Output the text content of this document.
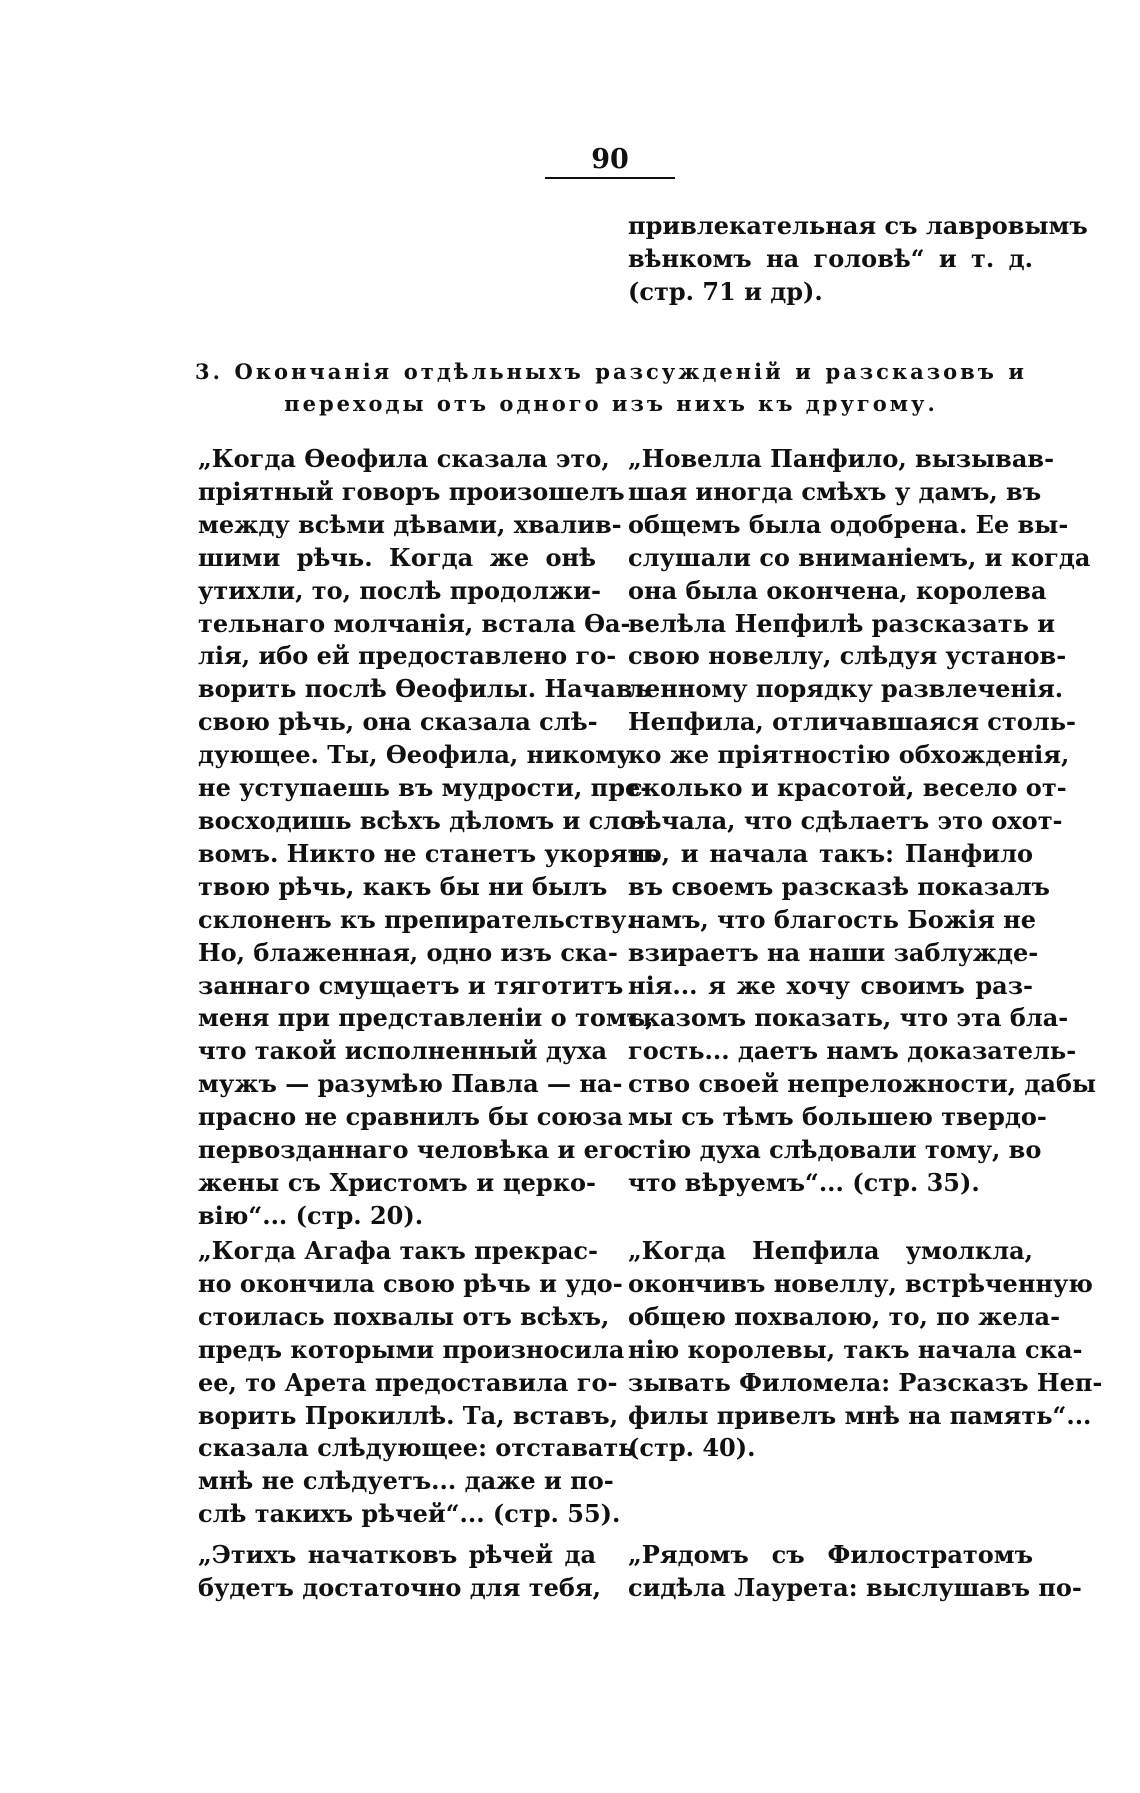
90
привлекательная съ лавровымъ
вѣнкомъ на головѣ“ и т. д.
(стр. 71 и др).
3. Окончанія отдѣльныхъ разсужденій и разсказовъ и
переходы отъ одного изъ нихъ къ другому.
„Когда Ѳеофила сказала это,
пріятный говоръ произошелъ
между всѣми дѣвами, хвалив-
шими рѣчь. Когда же онѣ
утихли, то, послѣ продолжи-
тельнаго молчанія, встала Ѳа-
лія, ибо ей предоставлено го-
ворить послѣ Ѳеофилы. Начавъ
свою рѣчь, она сказала слѣ-
дующее. Ты, Ѳеофила, никому
не уступаешь въ мудрости, пре-
восходишь всѣхъ дѣломъ и сло-
вомъ. Никто не станетъ укорять
твою рѣчь, какъ бы ни былъ
склоненъ къ препирательству.
Но, блаженная, одно изъ ска-
заннаго смущаетъ и тяготитъ
меня при представленіи о томъ,
что такой исполненный духа
мужъ — разумѣю Павла — на-
прасно не сравнилъ бы союза
первозданнаго человѣка и его
жены съ Христомъ и церко-
вію“... (стр. 20).
„Когда Агафа такъ прекрас-
но окончила свою рѣчь и удо-
стоилась похвалы отъ всѣхъ,
предъ которыми произносила
ее, то Арета предоставила го-
ворить Прокиллѣ. Та, вставъ,
сказала слѣдующее: отставать
мнѣ не слѣдуетъ... даже и по-
слѣ такихъ рѣчей“... (стр. 55).
„Этихъ начатковъ рѣчей да
будетъ достаточно для тебя,
„Новелла Панфило, вызывав-
шая иногда смѣхъ у дамъ, въ
общемъ была одобрена. Ее вы-
слушали со вниманіемъ, и когда
она была окончена, королева
велѣла Непфилѣ разсказать и
свою новеллу, слѣдуя установ-
ленному порядку развлеченія.
Непфила, отличавшаяся столь-
ко же пріятностію обхожденія,
сколько и красотой, весело от-
вѣчала, что сдѣлаетъ это охот-
но, и начала такъ: Панфило
въ своемъ разсказѣ показалъ
намъ, что благость Божія не
взираетъ на наши заблужде-
нія... я же хочу своимъ раз-
сказомъ показать, что эта бла-
гость... даетъ намъ доказатель-
ство своей непреложности, дабы
мы съ тѣмъ большею твердо-
стію духа слѣдовали тому, во
что вѣруемъ“... (стр. 35).
„Когда Непфила умолкла,
окончивъ новеллу, встрѣченную
общею похвалою, то, по жела-
нію королевы, такъ начала ска-
зывать Филомела: Разсказъ Неп-
филы привелъ мнѣ на память“...
(стр. 40).
„Рядомъ съ Филостратомъ
сидѣла Лаурета: выслушавъ по-
